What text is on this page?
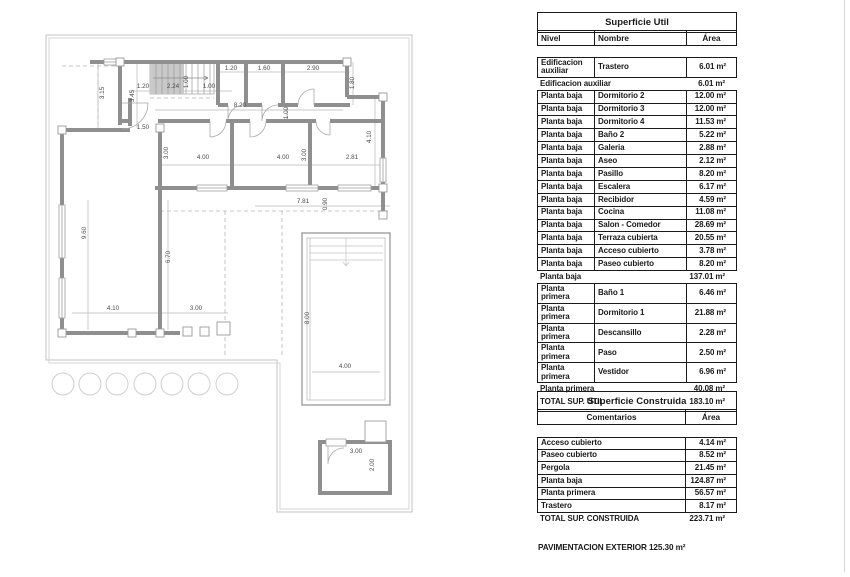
3.15	3.45
1.20	2.24 1.00 1.00
1.20	1.60	2.90
1.80
8.20
1.00
1.50
3.00	4.00	4.00 3.00	2.81
4.10
7.81 0.90
9.60
6.70
4.10	3.00
8.00
4.00
3.00
2.00
Superficie Util
Nivel	Nombre	Área
Edificacion auxiliar	Trastero	6.01 m²
Edificacion auxiliar	6.01 m²
Planta baja	Dormitorio 2	12.00 m²
Planta baja	Dormitorio 3	12.00 m²
Planta baja	Dormitorio 4	11.53 m²
Planta baja	Baño 2	5.22 m²
Planta baja	Galeria	2.88 m²
Planta baja	Aseo	2.12 m²
Planta baja	Pasillo	8.20 m²
Planta baja	Escalera	6.17 m²
Planta baja	Recibidor	4.59 m²
Planta baja	Cocina	11.08 m²
Planta baja	Salon - Comedor	28.69 m²
Planta baja	Terraza cubierta	20.55 m²
Planta baja	Acceso cubierto	3.78 m²
Planta baja	Paseo cubierto	8.20 m²
Planta baja	137.01 m²
Planta primera	Baño 1	6.46 m²
Planta primera	Dormitorio 1	21.88 m²
Planta primera	Descansillo	2.28 m²
Planta primera	Paso	2.50 m²
Planta primera	Vestidor	6.96 m²
Planta primera	40.08 m²
TOTAL SUP. UTIL	183.10 m²
Superficie Construida
Comentarios	Área
Acceso cubierto	4.14 m²
Paseo cubierto	8.52 m²
Pergola	21.45 m²
Planta baja	124.87 m²
Planta primera	56.57 m²
Trastero	8.17 m²
TOTAL SUP. CONSTRUIDA	223.71 m²
PAVIMENTACION EXTERIOR 125.30 m²
